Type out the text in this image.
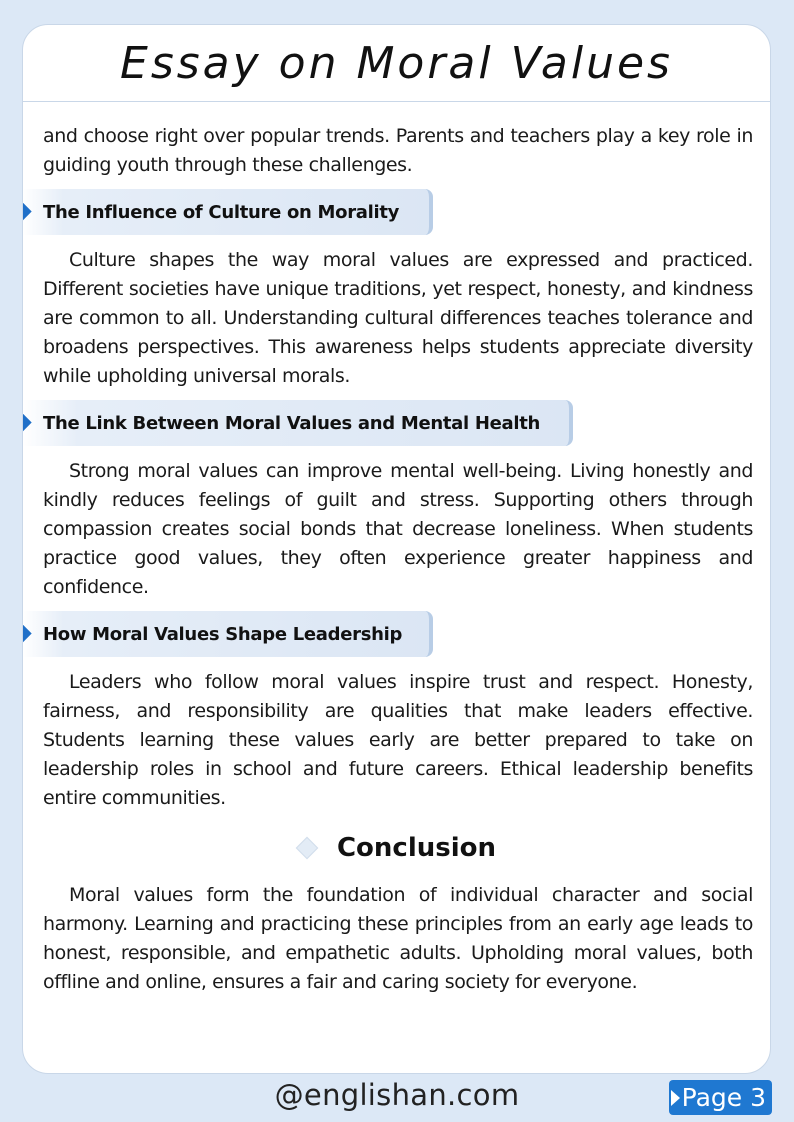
Essay on Moral Values

and choose right over popular trends. Parents and teachers play a key role in guiding youth through these challenges.

The Influence of Culture on Morality

Culture shapes the way moral values are expressed and practiced. Different societies have unique traditions, yet respect, honesty, and kindness are common to all. Understanding cultural differences teaches tolerance and broadens perspectives. This awareness helps students appreciate diversity while upholding universal morals.

The Link Between Moral Values and Mental Health

Strong moral values can improve mental well-being. Living honestly and kindly reduces feelings of guilt and stress. Supporting others through compassion creates social bonds that decrease loneliness. When students practice good values, they often experience greater happiness and confidence.

How Moral Values Shape Leadership

Leaders who follow moral values inspire trust and respect. Honesty, fairness, and responsibility are qualities that make leaders effective. Students learning these values early are better prepared to take on leadership roles in school and future careers. Ethical leadership benefits entire communities.

Conclusion

Moral values form the foundation of individual character and social harmony. Learning and practicing these principles from an early age leads to honest, responsible, and empathetic adults. Upholding moral values, both offline and online, ensures a fair and caring society for everyone.

@englishan.com	Page 3
